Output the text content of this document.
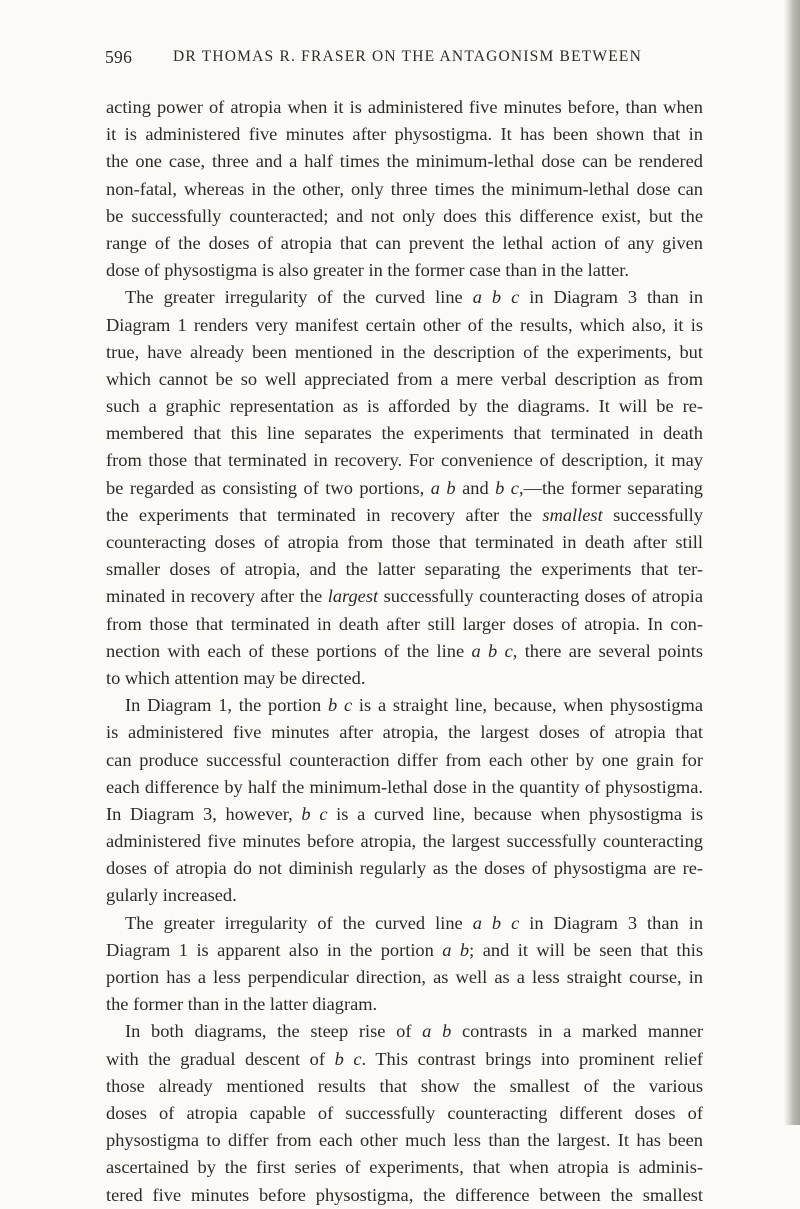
596	DR THOMAS R. FRASER ON THE ANTAGONISM BETWEEN
acting power of atropia when it is administered five minutes before, than when
it is administered five minutes after physostigma. It has been shown that in
the one case, three and a half times the minimum-lethal dose can be rendered
non-fatal, whereas in the other, only three times the minimum-lethal dose can
be successfully counteracted; and not only does this difference exist, but the
range of the doses of atropia that can prevent the lethal action of any given
dose of physostigma is also greater in the former case than in the latter.
The greater irregularity of the curved line a b c in Diagram 3 than in
Diagram 1 renders very manifest certain other of the results, which also, it is
true, have already been mentioned in the description of the experiments, but
which cannot be so well appreciated from a mere verbal description as from
such a graphic representation as is afforded by the diagrams. It will be re-
membered that this line separates the experiments that terminated in death
from those that terminated in recovery. For convenience of description, it may
be regarded as consisting of two portions, a b and b c,—the former separating
the experiments that terminated in recovery after the smallest successfully
counteracting doses of atropia from those that terminated in death after still
smaller doses of atropia, and the latter separating the experiments that ter-
minated in recovery after the largest successfully counteracting doses of atropia
from those that terminated in death after still larger doses of atropia. In con-
nection with each of these portions of the line a b c, there are several points
to which attention may be directed.
In Diagram 1, the portion b c is a straight line, because, when physostigma
is administered five minutes after atropia, the largest doses of atropia that
can produce successful counteraction differ from each other by one grain for
each difference by half the minimum-lethal dose in the quantity of physostigma.
In Diagram 3, however, b c is a curved line, because when physostigma is
administered five minutes before atropia, the largest successfully counteracting
doses of atropia do not diminish regularly as the doses of physostigma are re-
gularly increased.
The greater irregularity of the curved line a b c in Diagram 3 than in
Diagram 1 is apparent also in the portion a b; and it will be seen that this
portion has a less perpendicular direction, as well as a less straight course, in
the former than in the latter diagram.
In both diagrams, the steep rise of a b contrasts in a marked manner
with the gradual descent of b c. This contrast brings into prominent relief
those already mentioned results that show the smallest of the various
doses of atropia capable of successfully counteracting different doses of
physostigma to differ from each other much less than the largest. It has been
ascertained by the first series of experiments, that when atropia is adminis-
tered five minutes before physostigma, the difference between the smallest
